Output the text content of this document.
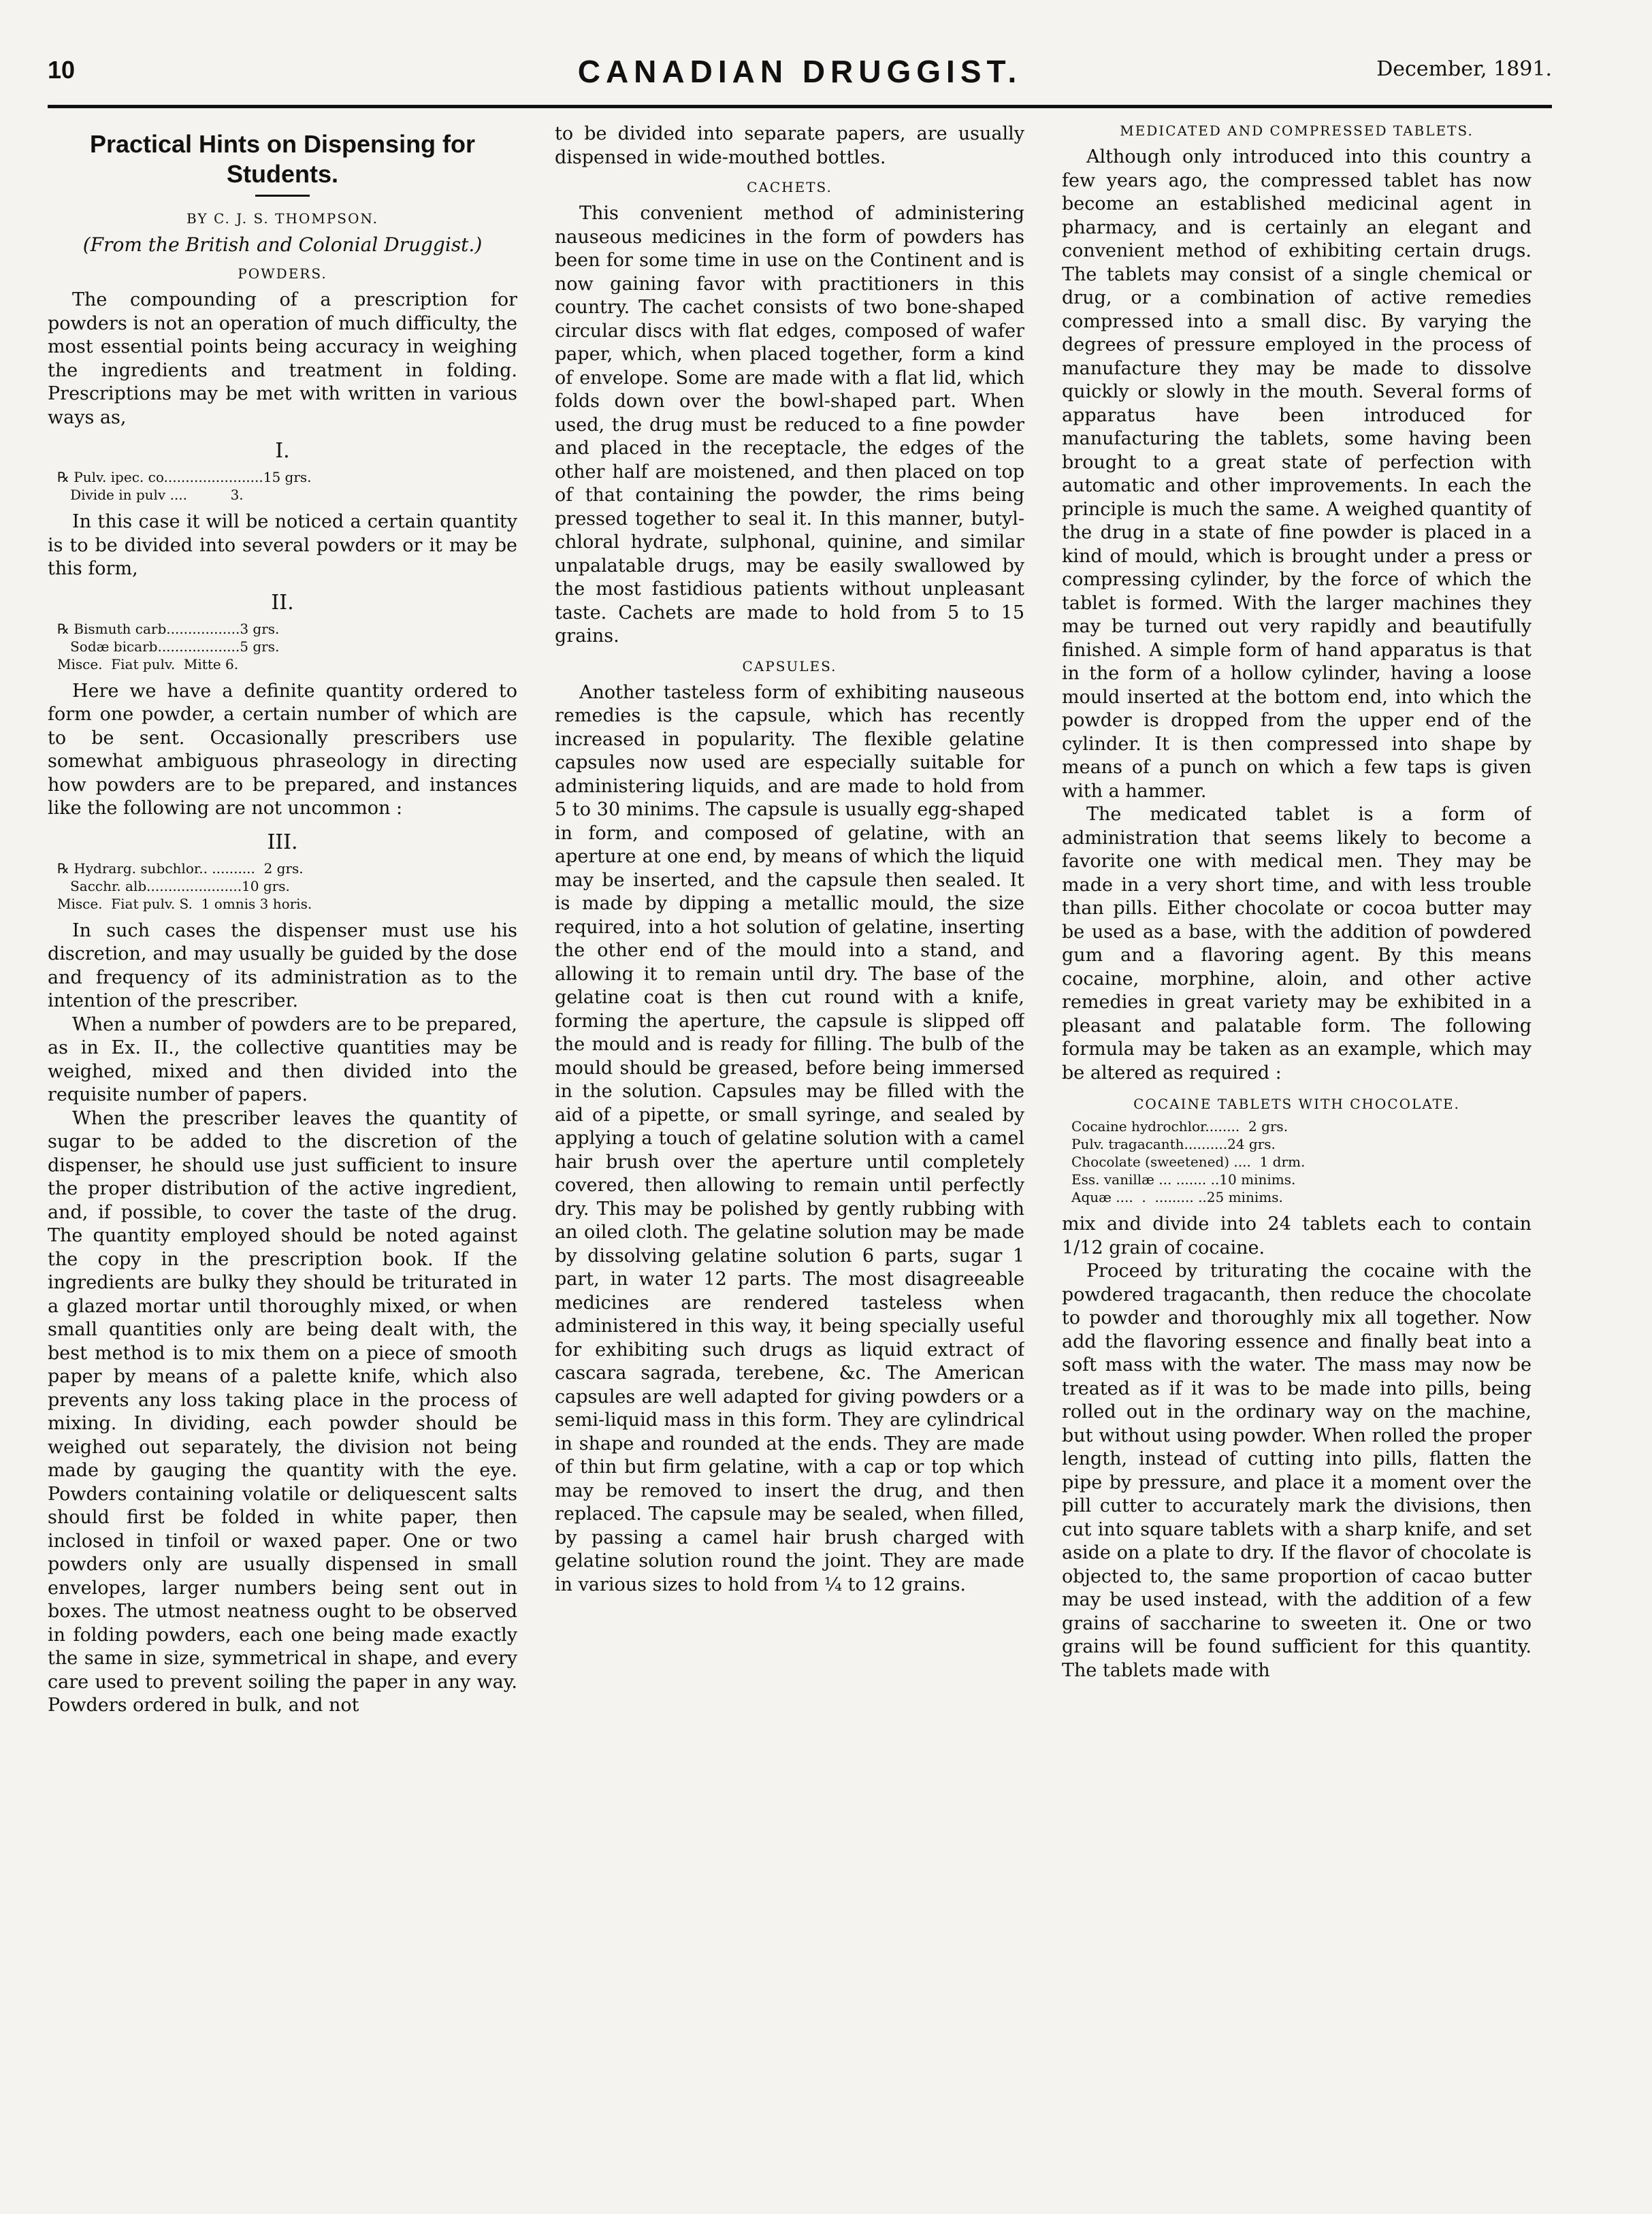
10	CANADIAN DRUGGIST.	December, 1891.
Practical Hints on Dispensing for Students.
BY C. J. S. THOMPSON.
(From the British and Colonial Druggist.)
POWDERS.

The compounding of a prescription for powders is not an operation of much difficulty, the most essential points being accuracy in weighing the ingredients and treatment in folding. Prescriptions may be met with written in various ways as,

I.
℞ Pulv. ipec. co.......................15 grs.
Divide in pulv ....          3.

In this case it will be noticed a certain quantity is to be divided into several powders or it may be this form,

II.
℞ Bismuth carb.................3 grs.
Sodæ bicarb...................5 grs.
Misce.  Fiat pulv.  Mitte 6.

Here we have a definite quantity ordered to form one powder, a certain number of which are to be sent. Occasionally prescribers use somewhat ambiguous phraseology in directing how powders are to be prepared, and instances like the following are not uncommon :

III.
℞ Hydrarg. subchlor.. ..........  2 grs.
Sacchr. alb......................10 grs.
Misce.  Fiat pulv. S.  1 omnis 3 horis.

In such cases the dispenser must use his discretion, and may usually be guided by the dose and frequency of its administration as to the intention of the prescriber.

When a number of powders are to be prepared, as in Ex. II., the collective quantities may be weighed, mixed and then divided into the requisite number of papers.

When the prescriber leaves the quantity of sugar to be added to the discretion of the dispenser, he should use just sufficient to insure the proper distribution of the active ingredient, and, if possible, to cover the taste of the drug. The quantity employed should be noted against the copy in the prescription book. If the ingredients are bulky they should be triturated in a glazed mortar until thoroughly mixed, or when small quantities only are being dealt with, the best method is to mix them on a piece of smooth paper by means of a palette knife, which also prevents any loss taking place in the process of mixing. In dividing, each powder should be weighed out separately, the division not being made by gauging the quantity with the eye. Powders containing volatile or deliquescent salts should first be folded in white paper, then inclosed in tinfoil or waxed paper. One or two powders only are usually dispensed in small envelopes, larger numbers being sent out in boxes. The utmost neatness ought to be observed in folding powders, each one being made exactly the same in size, symmetrical in shape, and every care used to prevent soiling the paper in any way. Powders ordered in bulk, and not

to be divided into separate papers, are usually dispensed in wide-mouthed bottles.

CACHETS.

This convenient method of administering nauseous medicines in the form of powders has been for some time in use on the Continent and is now gaining favor with practitioners in this country. The cachet consists of two bone-shaped circular discs with flat edges, composed of wafer paper, which, when placed together, form a kind of envelope. Some are made with a flat lid, which folds down over the bowl-shaped part. When used, the drug must be reduced to a fine powder and placed in the receptacle, the edges of the other half are moistened, and then placed on top of that containing the powder, the rims being pressed together to seal it. In this manner, butyl-chloral hydrate, sulphonal, quinine, and similar unpalatable drugs, may be easily swallowed by the most fastidious patients without unpleasant taste. Cachets are made to hold from 5 to 15 grains.

CAPSULES.

Another tasteless form of exhibiting nauseous remedies is the capsule, which has recently increased in popularity. The flexible gelatine capsules now used are especially suitable for administering liquids, and are made to hold from 5 to 30 minims. The capsule is usually egg-shaped in form, and composed of gelatine, with an aperture at one end, by means of which the liquid may be inserted, and the capsule then sealed. It is made by dipping a metallic mould, the size required, into a hot solution of gelatine, inserting the other end of the mould into a stand, and allowing it to remain until dry. The base of the gelatine coat is then cut round with a knife, forming the aperture, the capsule is slipped off the mould and is ready for filling. The bulb of the mould should be greased, before being immersed in the solution. Capsules may be filled with the aid of a pipette, or small syringe, and sealed by applying a touch of gelatine solution with a camel hair brush over the aperture until completely covered, then allowing to remain until perfectly dry. This may be polished by gently rubbing with an oiled cloth. The gelatine solution may be made by dissolving gelatine solution 6 parts, sugar 1 part, in water 12 parts. The most disagreeable medicines are rendered tasteless when administered in this way, it being specially useful for exhibiting such drugs as liquid extract of cascara sagrada, terebene, &c. The American capsules are well adapted for giving powders or a semi-liquid mass in this form. They are cylindrical in shape and rounded at the ends. They are made of thin but firm gelatine, with a cap or top which may be removed to insert the drug, and then replaced. The capsule may be sealed, when filled, by passing a camel hair brush charged with gelatine solution round the joint. They are made in various sizes to hold from ¼ to 12 grains.

MEDICATED AND COMPRESSED TABLETS.

Although only introduced into this country a few years ago, the compressed tablet has now become an established medicinal agent in pharmacy, and is certainly an elegant and convenient method of exhibiting certain drugs. The tablets may consist of a single chemical or drug, or a combination of active remedies compressed into a small disc. By varying the degrees of pressure employed in the process of manufacture they may be made to dissolve quickly or slowly in the mouth. Several forms of apparatus have been introduced for manufacturing the tablets, some having been brought to a great state of perfection with automatic and other improvements. In each the principle is much the same. A weighed quantity of the drug in a state of fine powder is placed in a kind of mould, which is brought under a press or compressing cylinder, by the force of which the tablet is formed. With the larger machines they may be turned out very rapidly and beautifully finished. A simple form of hand apparatus is that in the form of a hollow cylinder, having a loose mould inserted at the bottom end, into which the powder is dropped from the upper end of the cylinder. It is then compressed into shape by means of a punch on which a few taps is given with a hammer.

The medicated tablet is a form of administration that seems likely to become a favorite one with medical men. They may be made in a very short time, and with less trouble than pills. Either chocolate or cocoa butter may be used as a base, with the addition of powdered gum and a flavoring agent. By this means cocaine, morphine, aloin, and other active remedies in great variety may be exhibited in a pleasant and palatable form. The following formula may be taken as an example, which may be altered as required :

COCAINE TABLETS WITH CHOCOLATE.
Cocaine hydrochlor........  2 grs.
Pulv. tragacanth..........24 grs.
Chocolate (sweetened) ....  1 drm.
Ess. vanillæ ... ....... ..10 minims.
Aquæ ....  .  ......... ..25 minims.

mix and divide into 24 tablets each to contain 1/12 grain of cocaine.

Proceed by triturating the cocaine with the powdered tragacanth, then reduce the chocolate to powder and thoroughly mix all together. Now add the flavoring essence and finally beat into a soft mass with the water. The mass may now be treated as if it was to be made into pills, being rolled out in the ordinary way on the machine, but without using powder. When rolled the proper length, instead of cutting into pills, flatten the pipe by pressure, and place it a moment over the pill cutter to accurately mark the divisions, then cut into square tablets with a sharp knife, and set aside on a plate to dry. If the flavor of chocolate is objected to, the same proportion of cacao butter may be used instead, with the addition of a few grains of saccharine to sweeten it. One or two grains will be found sufficient for this quantity. The tablets made with
